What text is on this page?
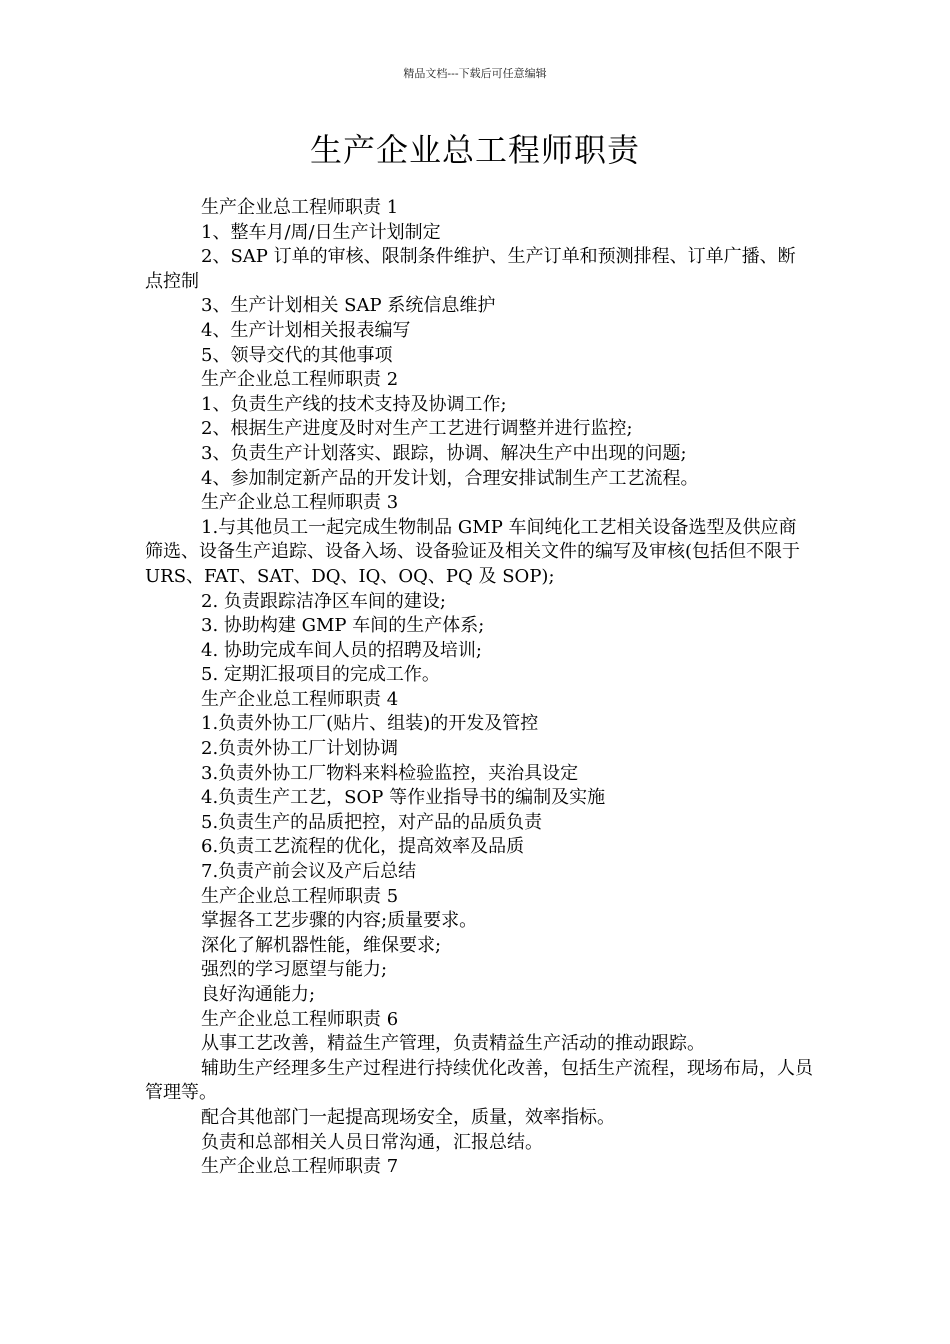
精品文档---下载后可任意编辑
生产企业总工程师职责

生产企业总工程师职责 1

1、整车月/周/日生产计划制定

2、SAP 订单的审核、限制条件维护、生产订单和预测排程、订单广播、断点控制

3、生产计划相关 SAP 系统信息维护

4、生产计划相关报表编写

5、领导交代的其他事项

生产企业总工程师职责 2

1、负责生产线的技术支持及协调工作;

2、根据生产进度及时对生产工艺进行调整并进行监控;

3、负责生产计划落实、跟踪，协调、解决生产中出现的问题;

4、参加制定新产品的开发计划，合理安排试制生产工艺流程。

生产企业总工程师职责 3

1.与其他员工一起完成生物制品 GMP 车间纯化工艺相关设备选型及供应商筛选、设备生产追踪、设备入场、设备验证及相关文件的编写及审核(包括但不限于 URS、FAT、SAT、DQ、IQ、OQ、PQ 及 SOP);

2. 负责跟踪洁净区车间的建设;

3. 协助构建 GMP 车间的生产体系;

4. 协助完成车间人员的招聘及培训;

5. 定期汇报项目的完成工作。

生产企业总工程师职责 4

1.负责外协工厂(贴片、组装)的开发及管控

2.负责外协工厂计划协调

3.负责外协工厂物料来料检验监控，夹治具设定

4.负责生产工艺，SOP 等作业指导书的编制及实施

5.负责生产的品质把控，对产品的品质负责

6.负责工艺流程的优化，提高效率及品质

7.负责产前会议及产后总结

生产企业总工程师职责 5

掌握各工艺步骤的内容;质量要求。

深化了解机器性能，维保要求;

强烈的学习愿望与能力;

良好沟通能力;

生产企业总工程师职责 6

从事工艺改善，精益生产管理，负责精益生产活动的推动跟踪。

辅助生产经理多生产过程进行持续优化改善，包括生产流程，现场布局，人员管理等。

配合其他部门一起提高现场安全，质量，效率指标。

负责和总部相关人员日常沟通，汇报总结。

生产企业总工程师职责 7
